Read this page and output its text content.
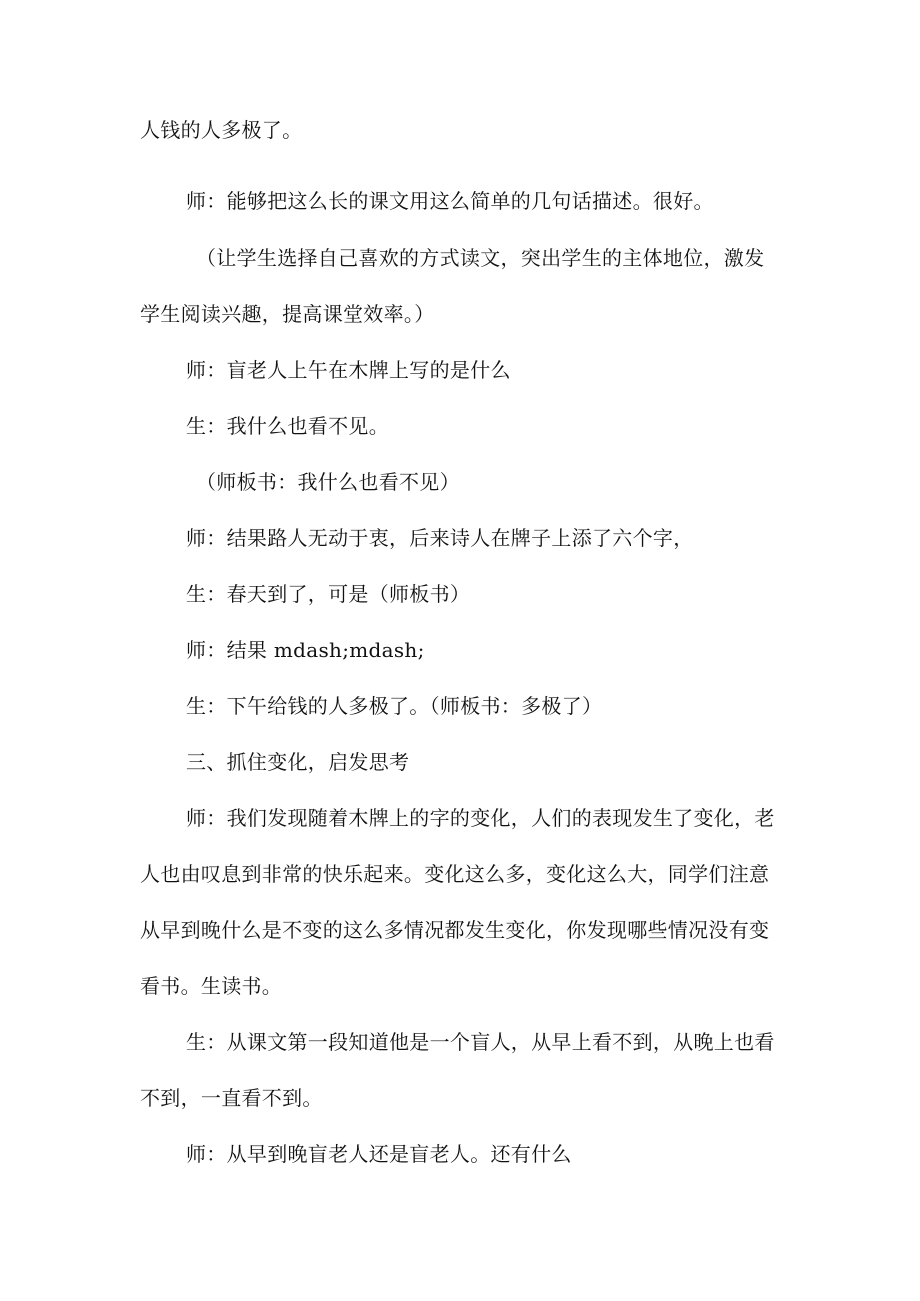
人钱的人多极了。
师：能够把这么长的课文用这么简单的几句话描述。很好。
（让学生选择自己喜欢的方式读文，突出学生的主体地位，激发
学生阅读兴趣，提高课堂效率。）
师：盲老人上午在木牌上写的是什么
生：我什么也看不见。
（师板书：我什么也看不见）
师：结果路人无动于衷，后来诗人在牌子上添了六个字，
生：春天到了，可是（师板书）
师：结果 mdash;mdash;
生：下午给钱的人多极了。（师板书：多极了）
三、抓住变化，启发思考
师：我们发现随着木牌上的字的变化，人们的表现发生了变化，老
人也由叹息到非常的快乐起来。变化这么多，变化这么大，同学们注意
从早到晚什么是不变的这么多情况都发生变化，你发现哪些情况没有变
看书。生读书。
生：从课文第一段知道他是一个盲人，从早上看不到，从晚上也看
不到，一直看不到。
师：从早到晚盲老人还是盲老人。还有什么
